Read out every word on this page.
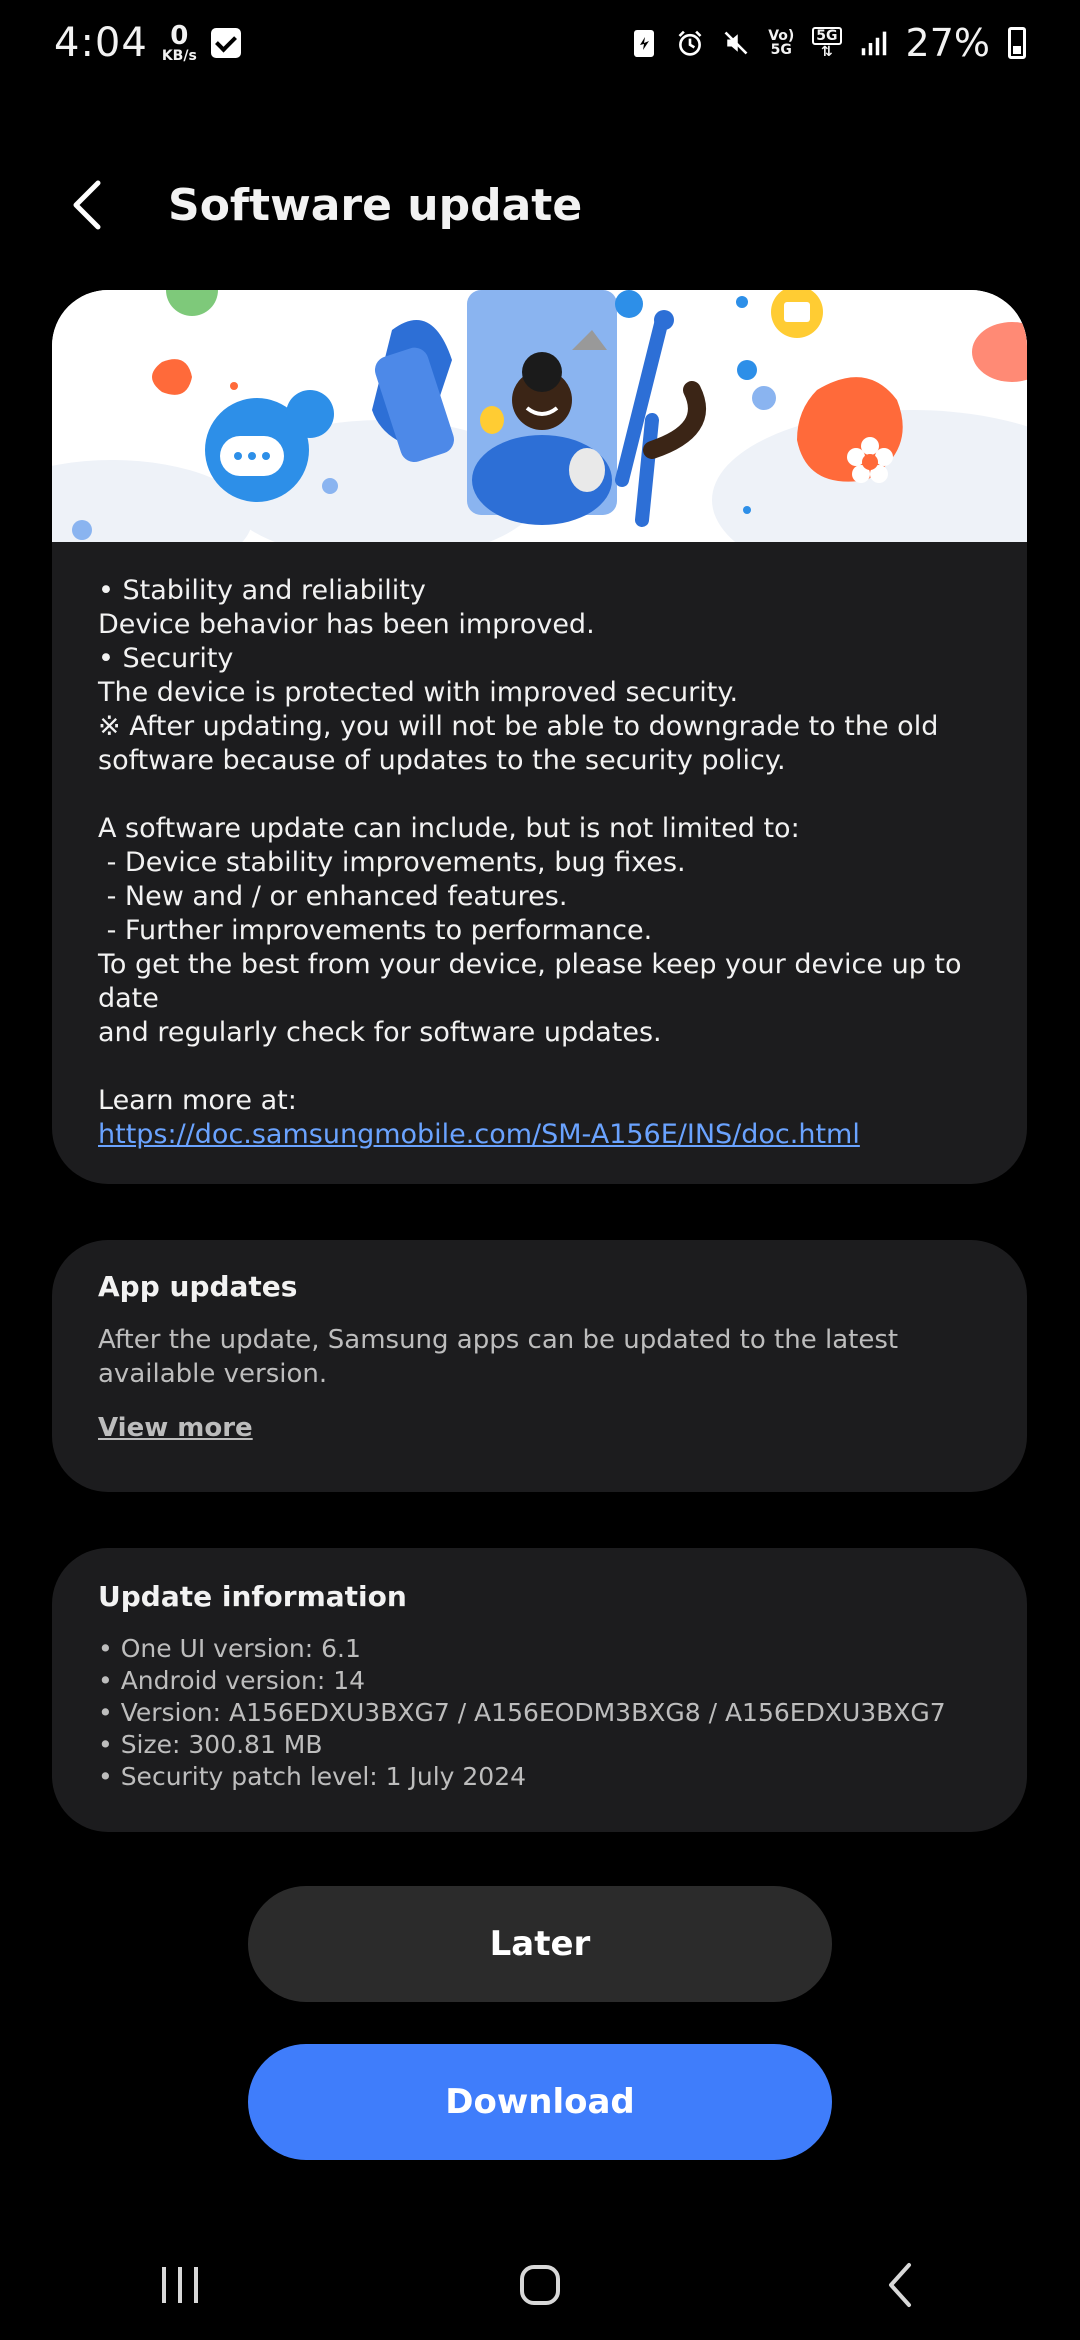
4:04 0
KB/s
Vo)
5G
5G
⇅ 27%
Software update

• Stability and reliability

Device behavior has been improved.

• Security

The device is protected with improved security.

※ After updating, you will not be able to downgrade to the old

software because of updates to the security policy.

A software update can include, but is not limited to:

- Device stability improvements, bug fixes.

- New and / or enhanced features.

- Further improvements to performance.

To get the best from your device, please keep your device up to date

and regularly check for software updates.

Learn more at:

https://doc.samsungmobile.com/SM-A156E/INS/doc.html

App updates

After the update, Samsung apps can be updated to the latest available version.

View more

Update information

• One UI version: 6.1
• Android version: 14
• Version: A156EDXU3BXG7 / A156EODM3BXG8 / A156EDXU3BXG7
• Size: 300.81 MB
• Security patch level: 1 July 2024
Later
Download
